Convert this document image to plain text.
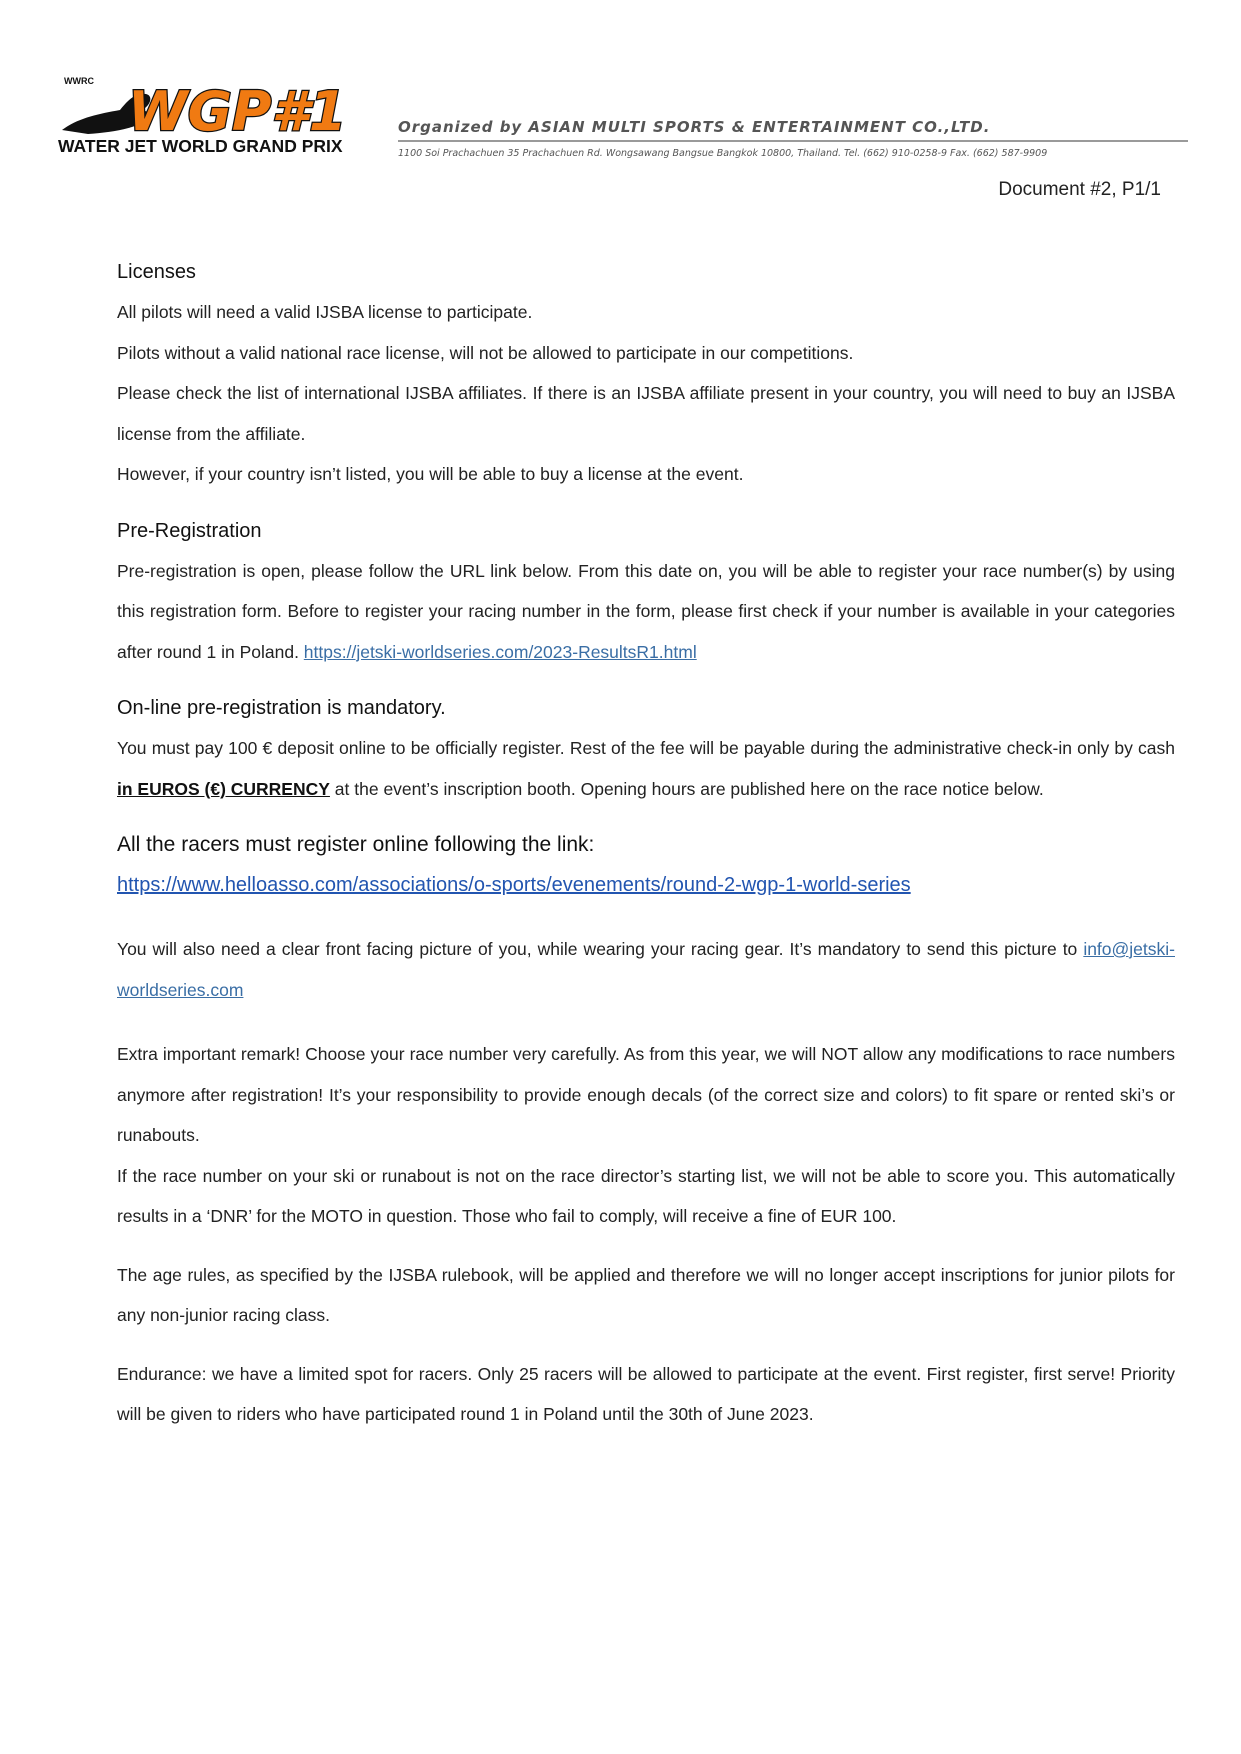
WWRC WGP#1
WATER JET WORLD GRAND PRIX
Organized by ASIAN MULTI SPORTS & ENTERTAINMENT CO.,LTD.
1100 Soi Prachachuen 35 Prachachuen Rd. Wongsawang Bangsue Bangkok 10800, Thailand. Tel. (662) 910-0258-9 Fax. (662) 587-9909
Document #2, P1/1
Licenses

All pilots will need a valid IJSBA license to participate.

Pilots without a valid national race license, will not be allowed to participate in our competitions.

Please check the list of international IJSBA affiliates. If there is an IJSBA affiliate present in your country, you will need to buy an IJSBA license from the affiliate.

However, if your country isn’t listed, you will be able to buy a license at the event.

Pre-Registration

Pre-registration is open, please follow the URL link below. From this date on, you will be able to register your race number(s) by using this registration form. Before to register your racing number in the form, please first check if your number is available in your categories after round 1 in Poland. https://jetski-worldseries.com/2023-ResultsR1.html

On-line pre-registration is mandatory.

You must pay 100 € deposit online to be officially register. Rest of the fee will be payable during the administrative check-in only by cash in EUROS (€) CURRENCY at the event’s inscription booth. Opening hours are published here on the race notice below.

All the racers must register online following the link:
https://www.helloasso.com/associations/o-sports/evenements/round-2-wgp-1-world-series

You will also need a clear front facing picture of you, while wearing your racing gear. It’s mandatory to send this picture to info@jetski-worldseries.com

Extra important remark! Choose your race number very carefully. As from this year, we will NOT allow any modifications to race numbers anymore after registration! It’s your responsibility to provide enough decals (of the correct size and colors) to fit spare or rented ski’s or runabouts.

If the race number on your ski or runabout is not on the race director’s starting list, we will not be able to score you. This automatically results in a ‘DNR’ for the MOTO in question. Those who fail to comply, will receive a fine of EUR 100.

The age rules, as specified by the IJSBA rulebook, will be applied and therefore we will no longer accept inscriptions for junior pilots for any non-junior racing class.

Endurance: we have a limited spot for racers. Only 25 racers will be allowed to participate at the event. First register, first serve! Priority will be given to riders who have participated round 1 in Poland until the 30th of June 2023.
